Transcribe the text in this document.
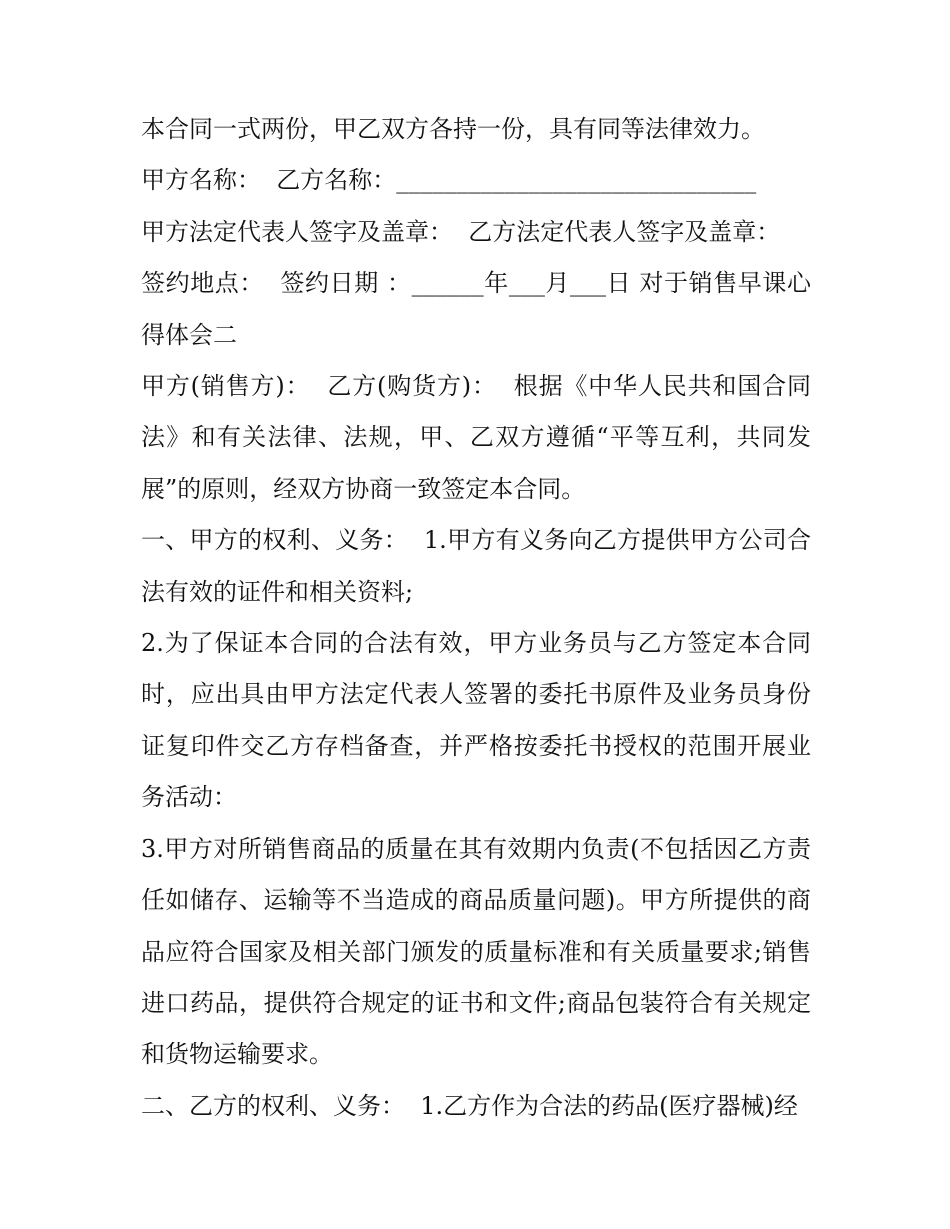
本合同一式两份，甲乙双方各持一份，具有同等法律效力。

甲方名称：  乙方名称：______________________________

甲方法定代表人签字及盖章：  乙方法定代表人签字及盖章：

签约地点：  签约日期 ：______年___月___日 对于销售早课心得体会二

甲方(销售方)：  乙方(购货方)：  根据《中华人民共和国合同法》和有关法律、法规，甲、乙双方遵循“平等互利，共同发展”的原则，经双方协商一致签定本合同。

一、甲方的权利、义务：  1.甲方有义务向乙方提供甲方公司合法有效的证件和相关资料;

2.为了保证本合同的合法有效，甲方业务员与乙方签定本合同时，应出具由甲方法定代表人签署的委托书原件及业务员身份证复印件交乙方存档备查，并严格按委托书授权的范围开展业务活动：

3.甲方对所销售商品的质量在其有效期内负责(不包括因乙方责任如储存、运输等不当造成的商品质量问题)。甲方所提供的商品应符合国家及相关部门颁发的质量标准和有关质量要求;销售进口药品，提供符合规定的证书和文件;商品包装符合有关规定和货物运输要求。

二、乙方的权利、义务：  1.乙方作为合法的药品(医疗器械)经
